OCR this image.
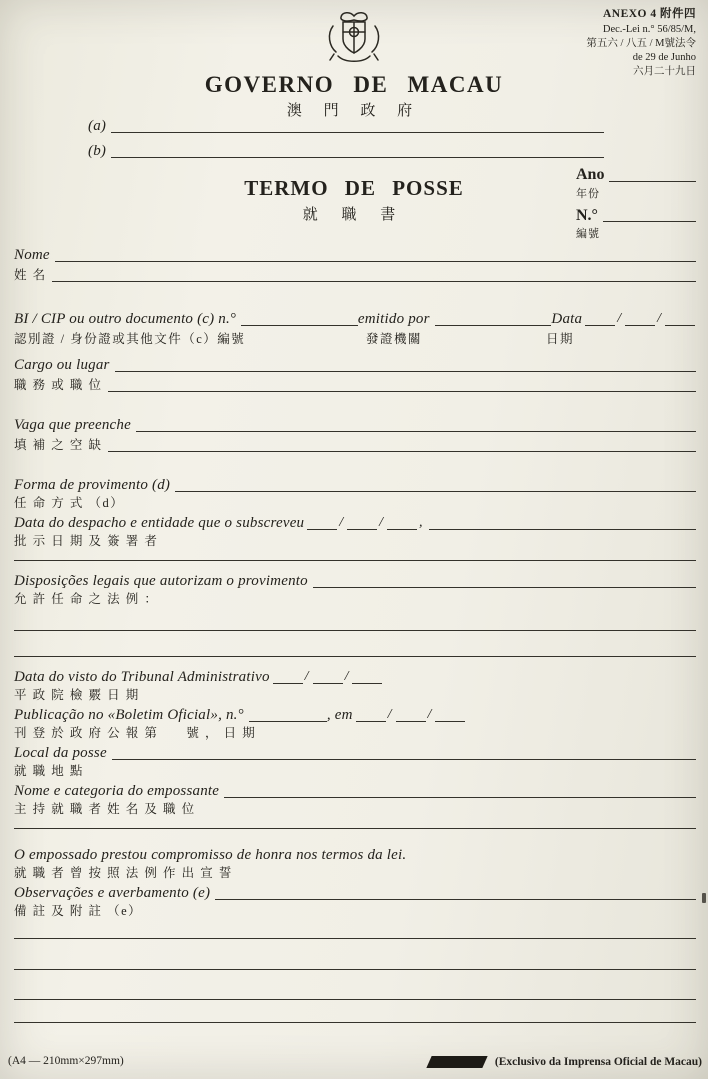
ANEXO 4 附件四
Dec.-Lei n.° 56/85/M,
第五六 / 八五 / M號法令
de 29 de Junho
六月二十九日
GOVERNO DE MACAU
澳 門 政 府
(a)
(b)
TERMO DE POSSE
就 職 書
Ano
年份
N.°
編號
Nome
姓 名
BI / CIP ou outro documento (c) n.°	emitido por	Data	/	/
認別證 / 身份證或其他文件（c）編號	發證機關	日期
Cargo ou lugar
職 務 或 職 位
Vaga que preenche
填 補 之 空 缺
Forma de provimento (d)
任 命 方 式 （d）
Data do despacho e entidade que o subscreveu	/	/	,
批 示 日 期 及 簽 署 者
Disposições legais que autorizam o provimento
允 許 任 命 之 法 例 ：
Data do visto do Tribunal Administrativo	/	/
平 政 院 檢 覈 日 期
Publicação no «Boletim Oficial», n.°	, em	/	/
刊 登 於 政 府 公 報 第　　號 ， 日 期
Local da posse
就 職 地 點
Nome e categoria do empossante
主 持 就 職 者 姓 名 及 職 位
O empossado prestou compromisso de honra nos termos da lei.
就 職 者 曾 按 照 法 例 作 出 宣 誓
Observações e averbamento (e)
備 註 及 附 註 （e）
(A4 — 210mm×297mm)	(Exclusivo da Imprensa Oficial de Macau)
